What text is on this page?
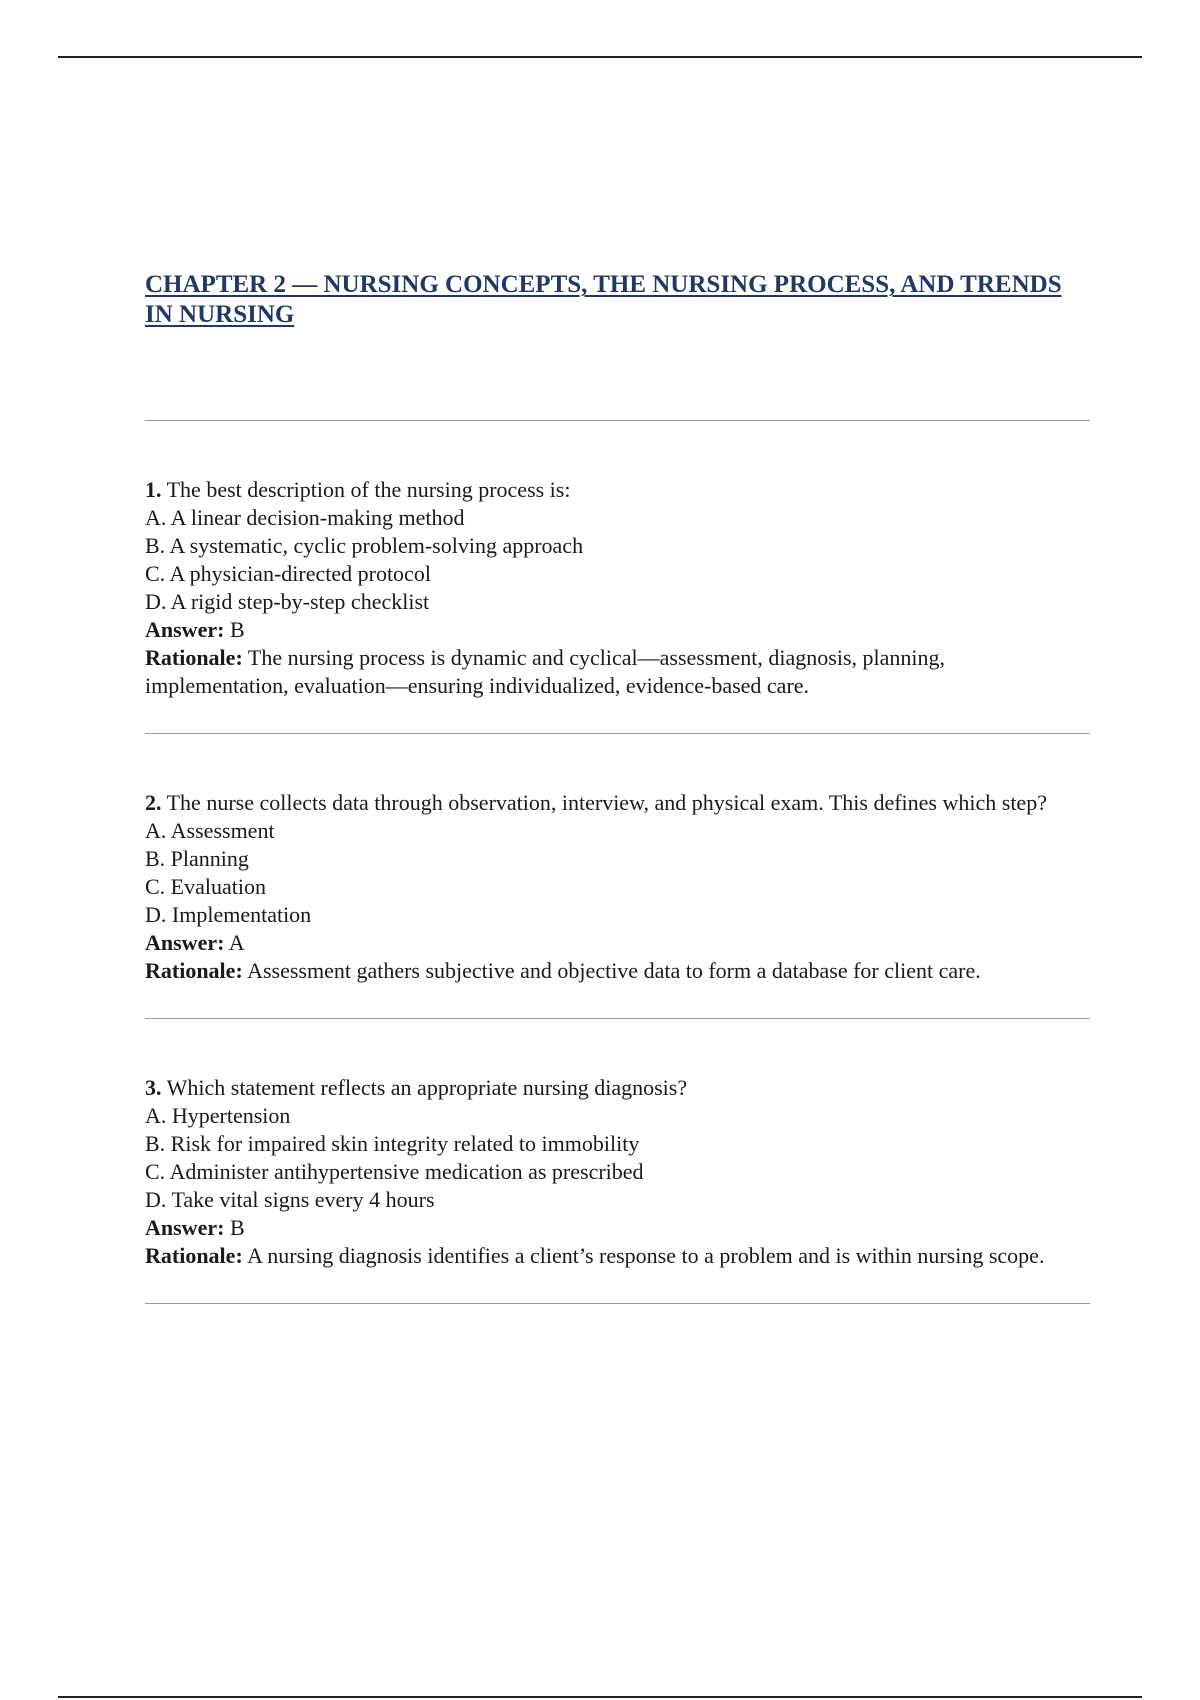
CHAPTER 2 — NURSING CONCEPTS, THE NURSING PROCESS, AND TRENDS IN NURSING

1. The best description of the nursing process is:

A. A linear decision-making method

B. A systematic, cyclic problem-solving approach

C. A physician-directed protocol

D. A rigid step-by-step checklist

Answer: B

Rationale: The nursing process is dynamic and cyclical—assessment, diagnosis, planning, implementation, evaluation—ensuring individualized, evidence-based care.

2. The nurse collects data through observation, interview, and physical exam. This defines which step?

A. Assessment

B. Planning

C. Evaluation

D. Implementation

Answer: A

Rationale: Assessment gathers subjective and objective data to form a database for client care.

3. Which statement reflects an appropriate nursing diagnosis?

A. Hypertension

B. Risk for impaired skin integrity related to immobility

C. Administer antihypertensive medication as prescribed

D. Take vital signs every 4 hours

Answer: B

Rationale: A nursing diagnosis identifies a client’s response to a problem and is within nursing scope.
